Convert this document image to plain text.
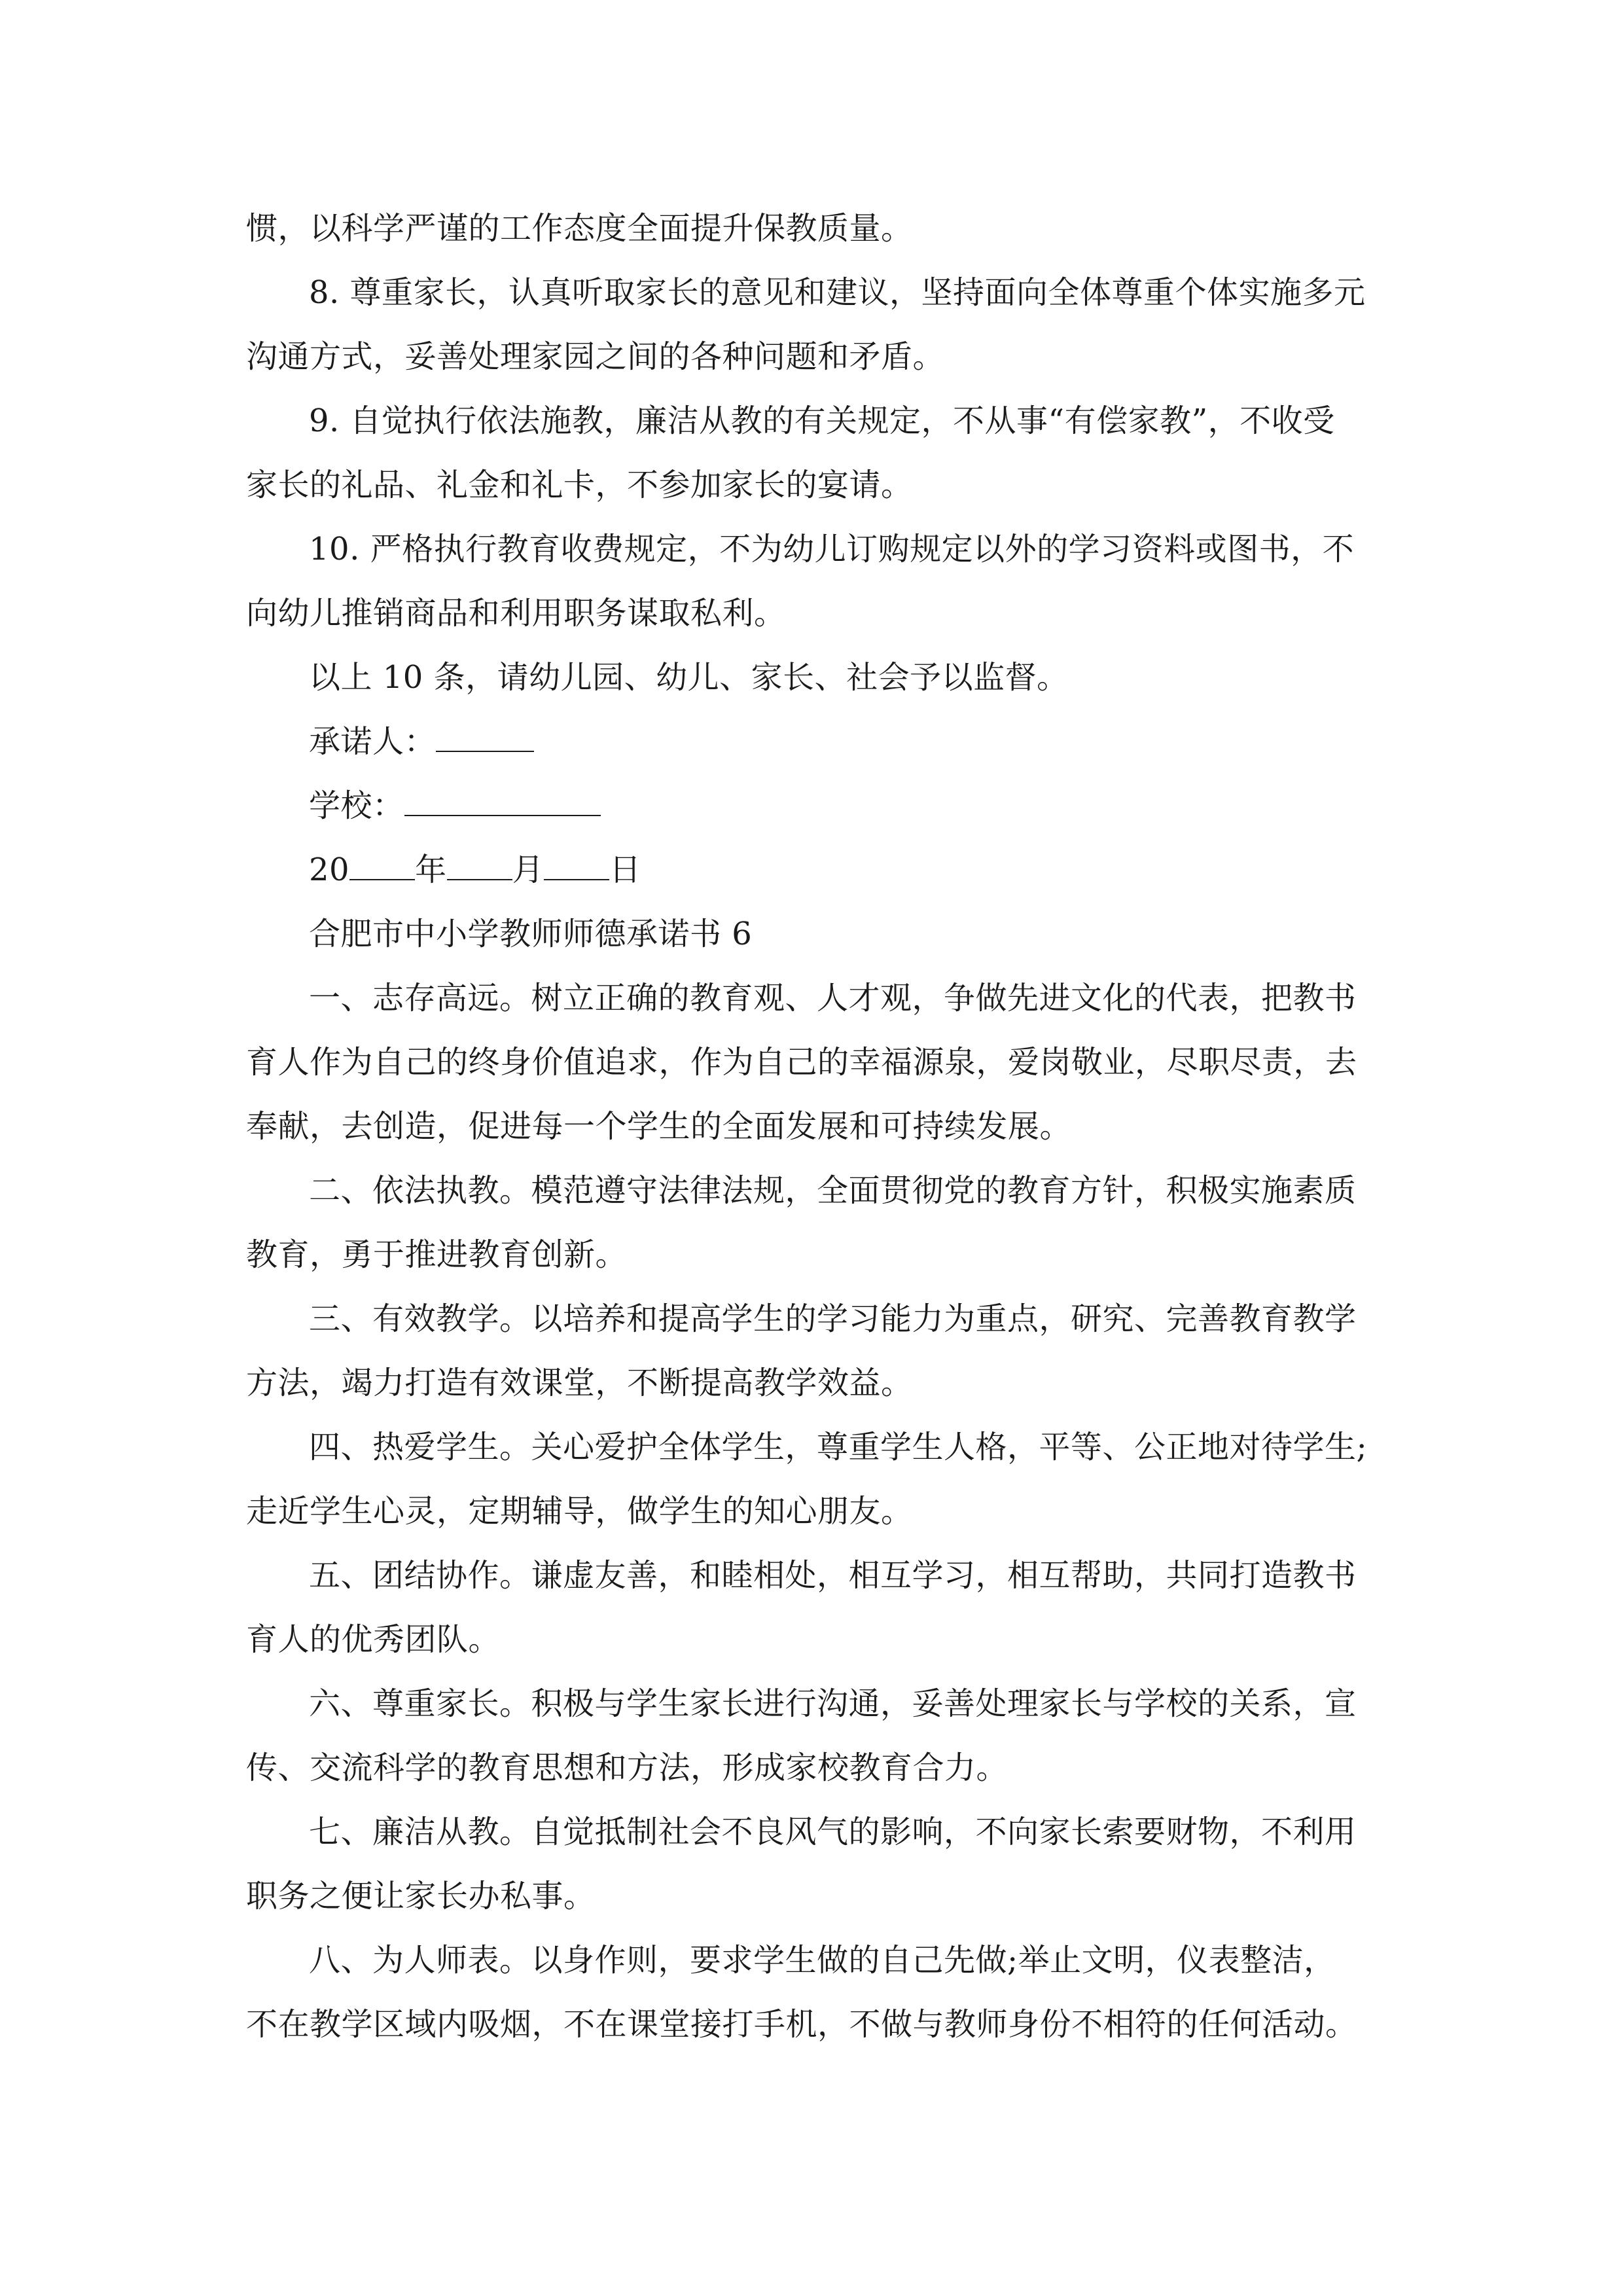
惯，以科学严谨的工作态度全面提升保教质量。
8. 尊重家长，认真听取家长的意见和建议，坚持面向全体尊重个体实施多元
沟通方式，妥善处理家园之间的各种问题和矛盾。
9. 自觉执行依法施教，廉洁从教的有关规定，不从事“有偿家教”，不收受
家长的礼品、礼金和礼卡，不参加家长的宴请。
10. 严格执行教育收费规定，不为幼儿订购规定以外的学习资料或图书，不
向幼儿推销商品和利用职务谋取私利。
以上 10 条，请幼儿园、幼儿、家长、社会予以监督。
承诺人：
学校：
20 年 月 日
合肥市中小学教师师德承诺书 6
一、志存高远。树立正确的教育观、人才观，争做先进文化的代表，把教书
育人作为自己的终身价值追求，作为自己的幸福源泉，爱岗敬业，尽职尽责，去
奉献，去创造，促进每一个学生的全面发展和可持续发展。
二、依法执教。模范遵守法律法规，全面贯彻党的教育方针，积极实施素质
教育，勇于推进教育创新。
三、有效教学。以培养和提高学生的学习能力为重点，研究、完善教育教学
方法，竭力打造有效课堂，不断提高教学效益。
四、热爱学生。关心爱护全体学生，尊重学生人格，平等、公正地对待学生;
走近学生心灵，定期辅导，做学生的知心朋友。
五、团结协作。谦虚友善，和睦相处，相互学习，相互帮助，共同打造教书
育人的优秀团队。
六、尊重家长。积极与学生家长进行沟通，妥善处理家长与学校的关系，宣
传、交流科学的教育思想和方法，形成家校教育合力。
七、廉洁从教。自觉抵制社会不良风气的影响，不向家长索要财物，不利用
职务之便让家长办私事。
八、为人师表。以身作则，要求学生做的自己先做;举止文明，仪表整洁，
不在教学区域内吸烟，不在课堂接打手机，不做与教师身份不相符的任何活动。
